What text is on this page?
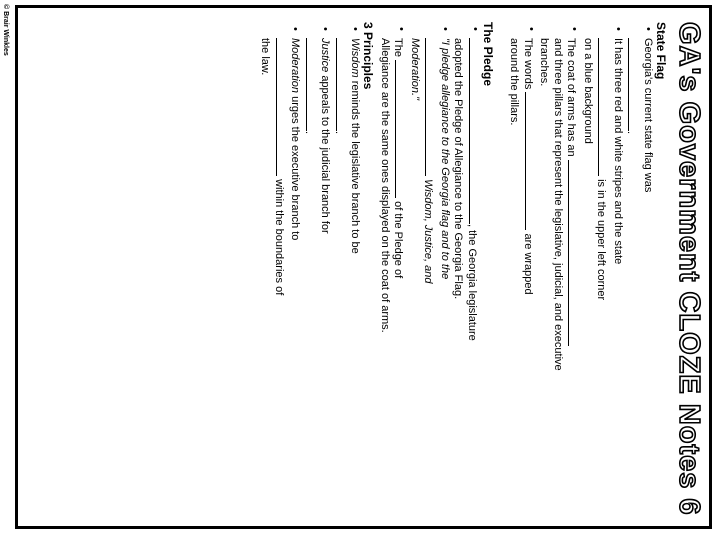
© Brair Winkles	GA's Government CLOZE Notes 6
State Flag
• Georgia's current state flag was
.
• It has three red and white stripes and the state
is in the upper left corner
on a blue background
• The coat of arms has an
and three pillars that represent the legislative, judicial, and executive
branches.
• The words  are wrapped
around the pillars.
The Pledge
• , the Georgia legislature
adopted the Pledge of Allegiance to the Georgia Flag.
• "I pledge allegiance to the Georgia flag and to the
Wisdom, Justice, and
Moderation."
• The  of the Pledge of
Allegiance are the same ones displayed on the coat of arms.
3 Principles
• Wisdom reminds the legislative branch to be
.
• Justice appeals to the judicial branch for
.
• Moderation urges the executive branch to
within the boundaries of
the law.
